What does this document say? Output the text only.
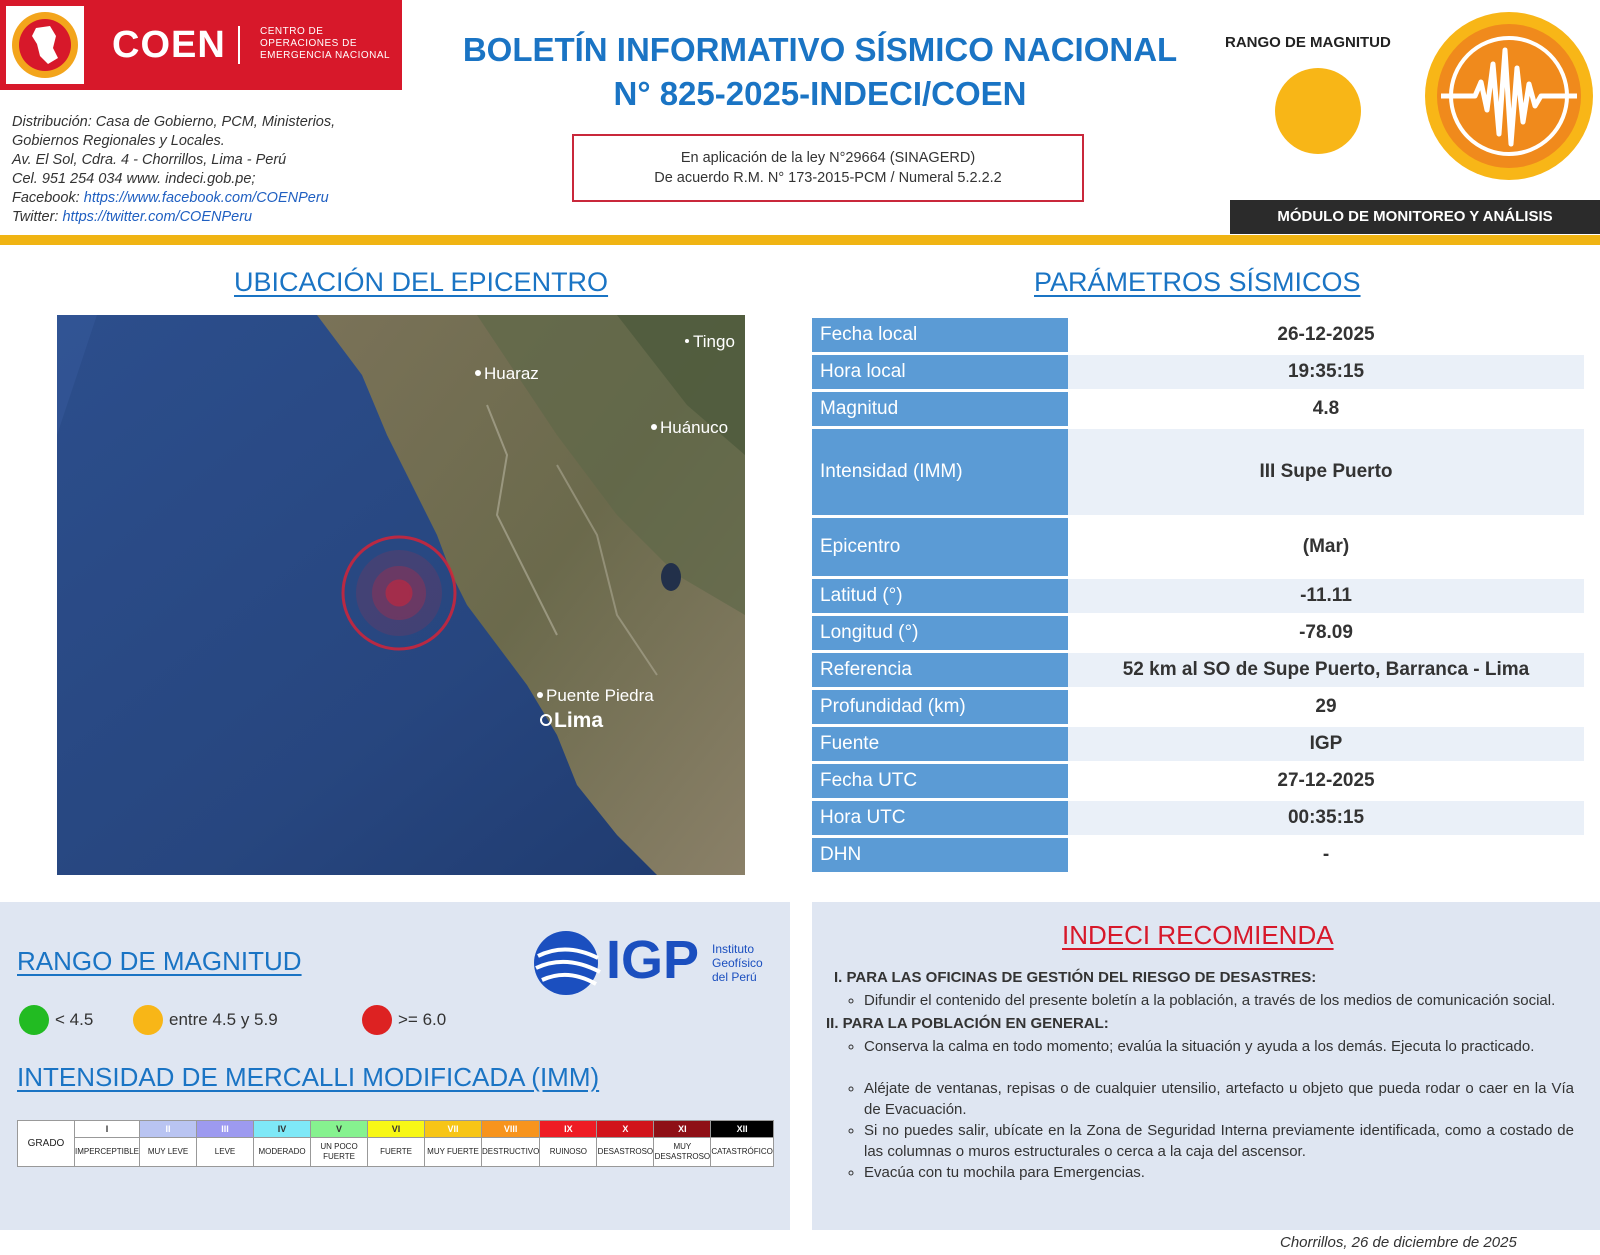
COEN	CENTRO DE
OPERACIONES DE
EMERGENCIA NACIONAL
Distribución: Casa de Gobierno, PCM, Ministerios,
Gobiernos Regionales y Locales.
Av. El Sol, Cdra. 4 - Chorrillos, Lima - Perú
Cel. 951 254 034 www. indeci.gob.pe;
Facebook: https://www.facebook.com/COENPeru
Twitter: https://twitter.com/COENPeru
BOLETÍN INFORMATIVO SÍSMICO NACIONAL
N° 825-2025-INDECI/COEN
En aplicación de la ley N°29664 (SINAGERD)
De acuerdo R.M. N° 173-2015-PCM / Numeral 5.2.2.2
RANGO DE MAGNITUD
MÓDULO DE MONITOREO Y ANÁLISIS
UBICACIÓN DEL EPICENTRO
Tingo
Huaraz
Huánuco
Puente Piedra
Lima
PARÁMETROS SÍSMICOS
Fecha local	26-12-2025
Hora local	19:35:15
Magnitud	4.8
Intensidad (IMM)	III Supe Puerto
Epicentro	(Mar)
Latitud (°)	-11.11
Longitud (°)	-78.09
Referencia	52 km al SO de Supe Puerto, Barranca - Lima
Profundidad (km)	29
Fuente	IGP
Fecha UTC	27-12-2025
Hora UTC	00:35:15
DHN	-
RANGO DE MAGNITUD	IGP Instituto
Geofísico
del Perú
< 4.5	entre 4.5 y 5.9	>= 6.0
INTENSIDAD DE MERCALLI MODIFICADA (IMM)
GRADO	I	II	III	IV	V	VI	VII	VIII	IX	X	XI	XII
	IMPERCEPTIBLE	MUY LEVE	LEVE	MODERADO	UN POCO FUERTE	FUERTE	MUY FUERTE	DESTRUCTIVO	RUINOSO	DESASTROSO	MUY DESASTROSO	CATASTRÓFICO
INDECI RECOMIENDA
I. PARA LAS OFICINAS DE GESTIÓN DEL RIESGO DE DESASTRES:
◦ Difundir el contenido del presente boletín a la población, a través de los medios de comunicación social.
II. PARA LA POBLACIÓN EN GENERAL:
◦ Conserva la calma en todo momento; evalúa la situación y ayuda a los demás. Ejecuta lo practicado.
◦ Aléjate de ventanas, repisas o de cualquier utensilio, artefacto u objeto que pueda rodar o caer en la Vía de Evacuación.
◦ Si no puedes salir, ubícate en la Zona de Seguridad Interna previamente identificada, como a costado de las columnas o muros estructurales o cerca a la caja del ascensor.
◦ Evacúa con tu mochila para Emergencias.
Chorrillos, 26 de diciembre de 2025
